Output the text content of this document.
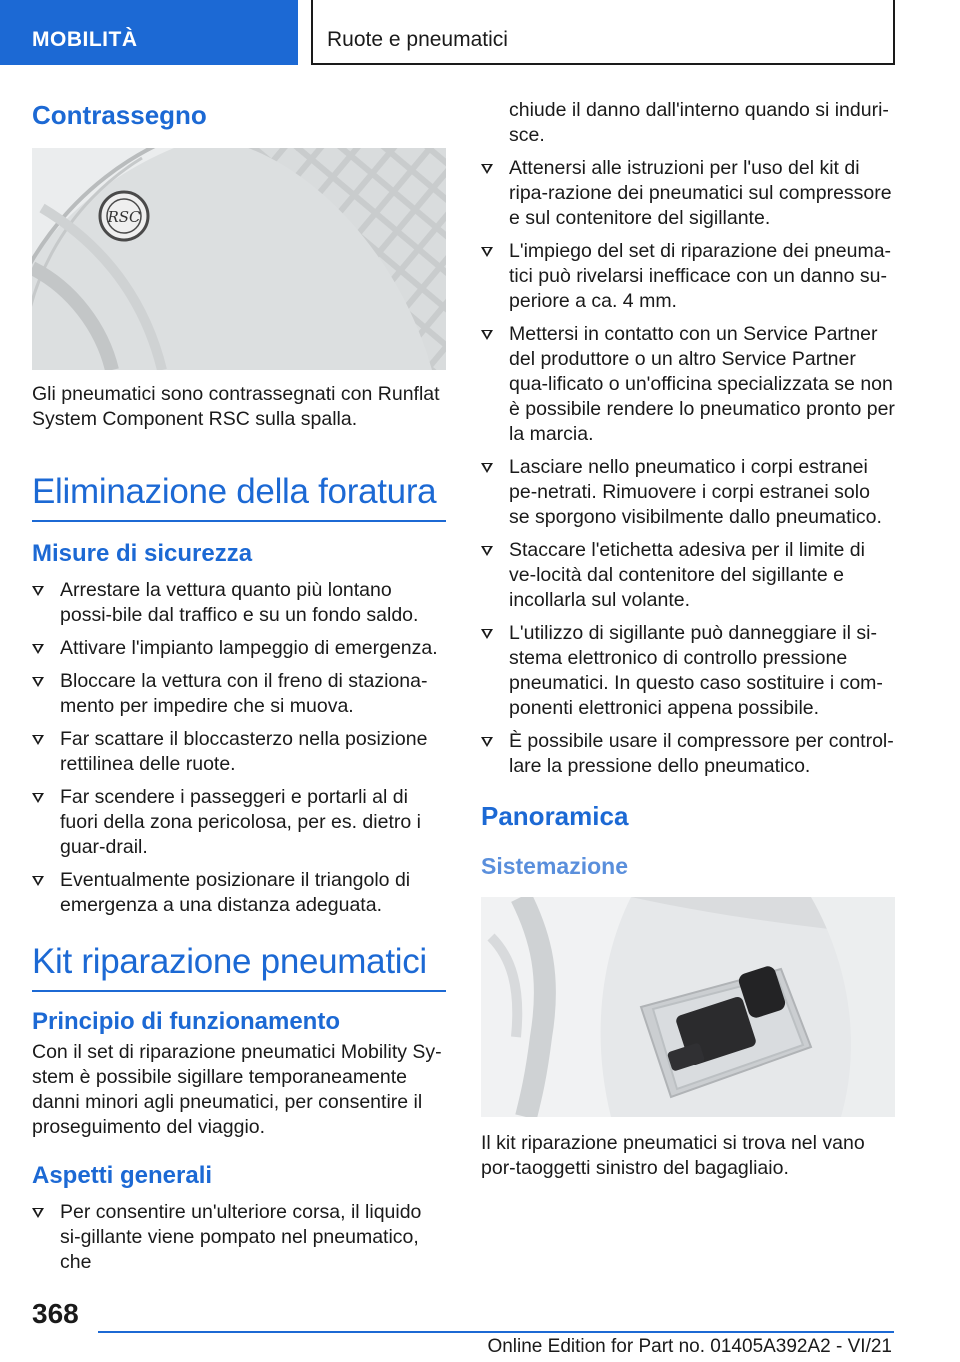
MOBILITÀ	Ruote e pneumatici
Contrassegno
RSC
Gli pneumatici sono contrassegnati con Runflat System Component RSC sulla spalla.
Eliminazione della foratura
Misure di sicurezza
Arrestare la vettura quanto più lontano possi-bile dal traffico e su un fondo saldo.
Attivare l'impianto lampeggio di emergenza.
Bloccare la vettura con il freno di staziona-mento per impedire che si muova.
Far scattare il bloccasterzo nella posizione rettilinea delle ruote.
Far scendere i passeggeri e portarli al di fuori della zona pericolosa, per es. dietro i guar-drail.
Eventualmente posizionare il triangolo di emergenza a una distanza adeguata.
Kit riparazione pneumatici
Principio di funzionamento
Con il set di riparazione pneumatici Mobility Sy-stem è possibile sigillare temporaneamente danni minori agli pneumatici, per consentire il proseguimento del viaggio.
Aspetti generali
Per consentire un'ulteriore corsa, il liquido si-gillante viene pompato nel pneumatico, che
chiude il danno dall'interno quando si induri-sce.
Attenersi alle istruzioni per l'uso del kit di ripa-razione dei pneumatici sul compressore e sul contenitore del sigillante.
L'impiego del set di riparazione dei pneuma-tici può rivelarsi inefficace con un danno su-periore a ca. 4 mm.
Mettersi in contatto con un Service Partner del produttore o un altro Service Partner qua-lificato o un'officina specializzata se non è possibile rendere lo pneumatico pronto per la marcia.
Lasciare nello pneumatico i corpi estranei pe-netrati. Rimuovere i corpi estranei solo se sporgono visibilmente dallo pneumatico.
Staccare l'etichetta adesiva per il limite di ve-locità dal contenitore del sigillante e incollarla sul volante.
L'utilizzo di sigillante può danneggiare il si-stema elettronico di controllo pressione pneumatici. In questo caso sostituire i com-ponenti elettronici appena possibile.
È possibile usare il compressore per control-lare la pressione dello pneumatico.
Panoramica
Sistemazione
Il kit riparazione pneumatici si trova nel vano por-taoggetti sinistro del bagagliaio.
368
Online Edition for Part no. 01405A392A2 - VI/21
